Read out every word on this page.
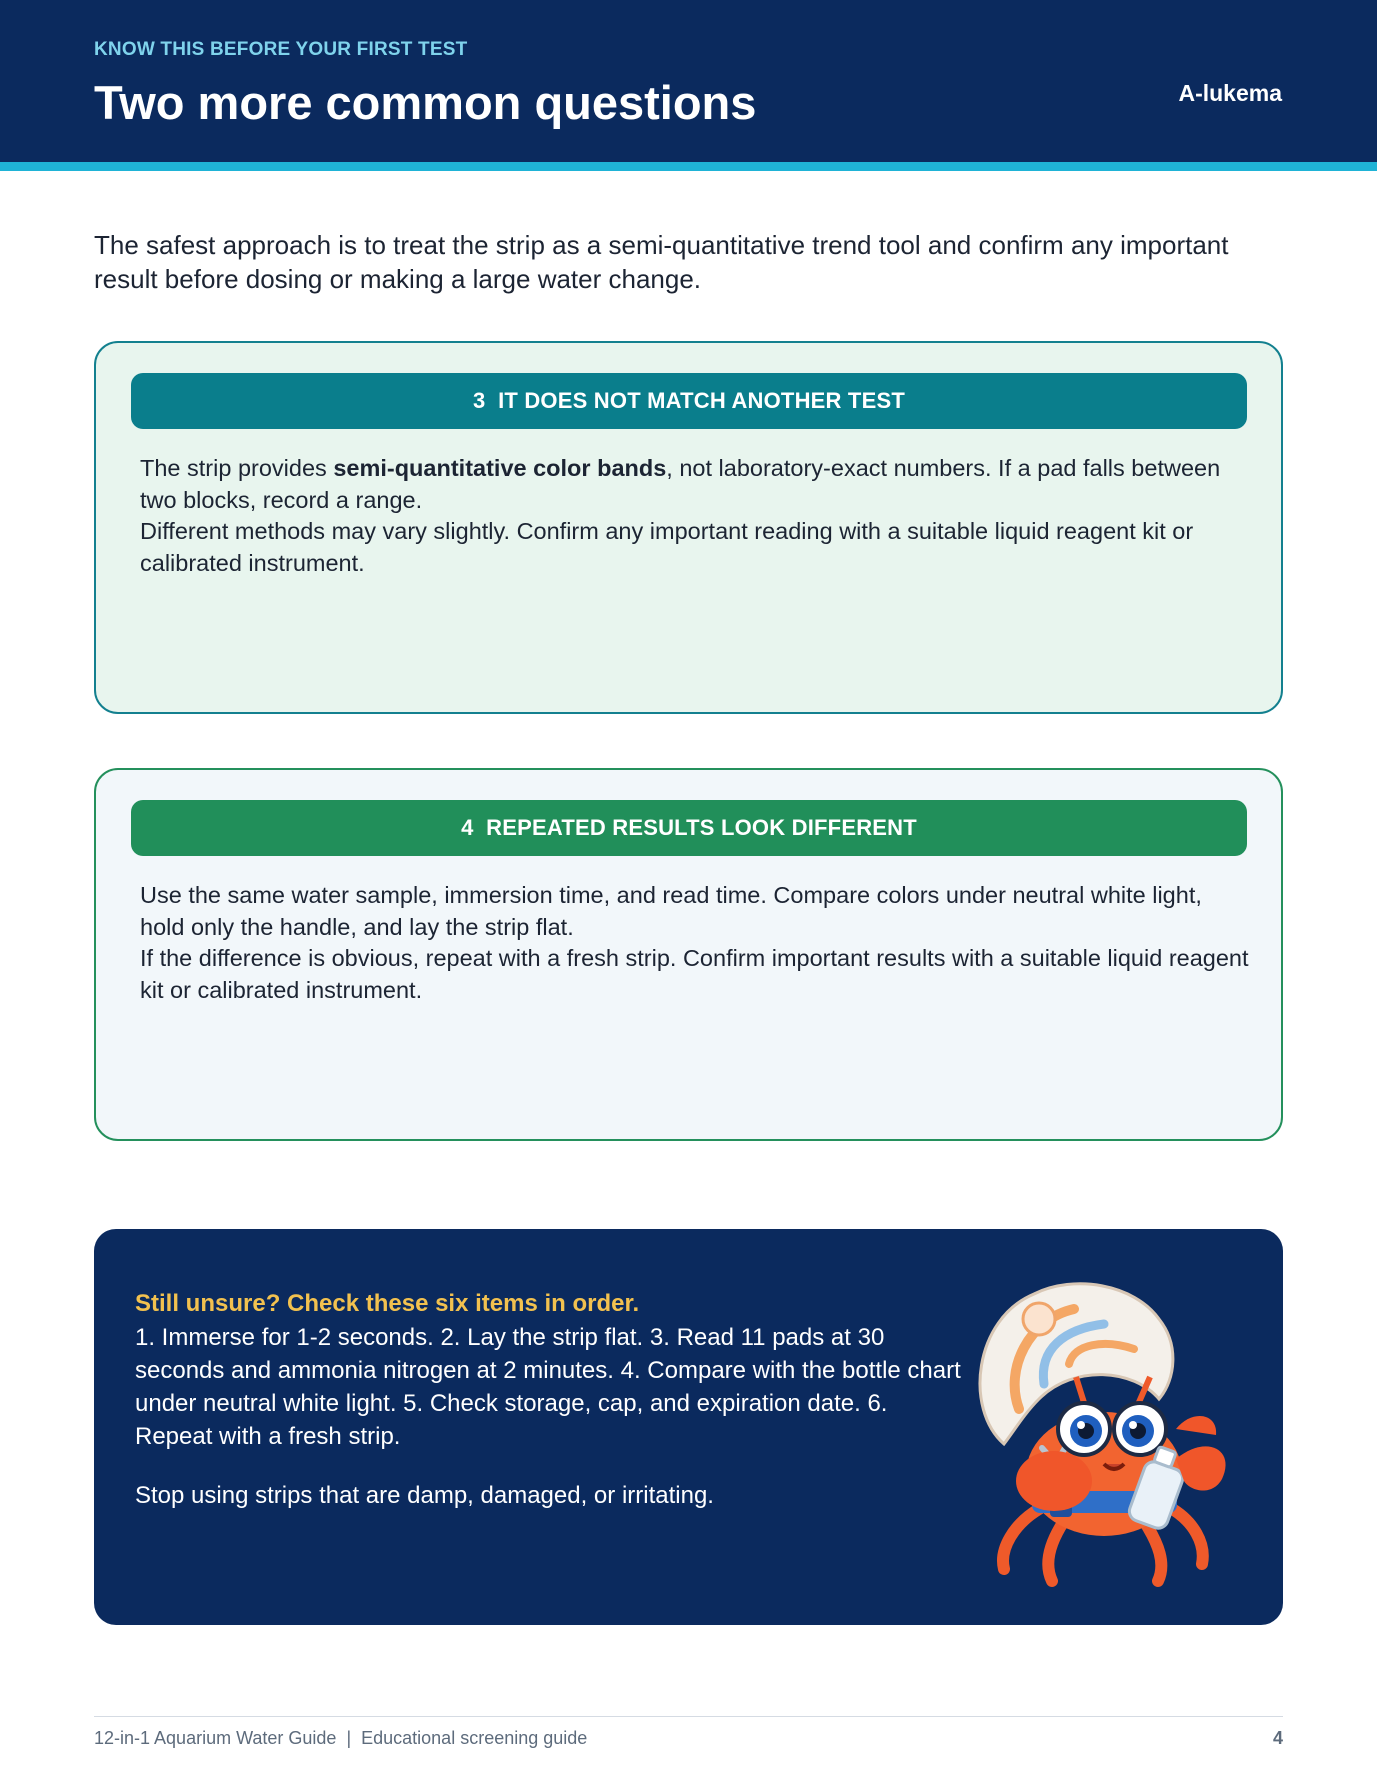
KNOW THIS BEFORE YOUR FIRST TEST
Two more common questions	A-lukema

The safest approach is to treat the strip as a semi-quantitative trend tool and confirm any important result before dosing or making a large water change.

3 IT DOES NOT MATCH ANOTHER TEST

The strip provides semi-quantitative color bands, not laboratory-exact numbers. If a pad falls between two blocks, record a range.

Different methods may vary slightly. Confirm any important reading with a suitable liquid reagent kit or calibrated instrument.

4 REPEATED RESULTS LOOK DIFFERENT

Use the same water sample, immersion time, and read time. Compare colors under neutral white light, hold only the handle, and lay the strip flat.

If the difference is obvious, repeat with a fresh strip. Confirm important results with a suitable liquid reagent kit or calibrated instrument.

Still unsure? Check these six items in order.
1. Immerse for 1-2 seconds. 2. Lay the strip flat. 3. Read 11 pads at 30 seconds and ammonia nitrogen at 2 minutes. 4. Compare with the bottle chart under neutral white light. 5. Check storage, cap, and expiration date. 6. Repeat with a fresh strip.
Stop using strips that are damp, damaged, or irritating.
12-in-1 Aquarium Water Guide  |  Educational screening guide	4
